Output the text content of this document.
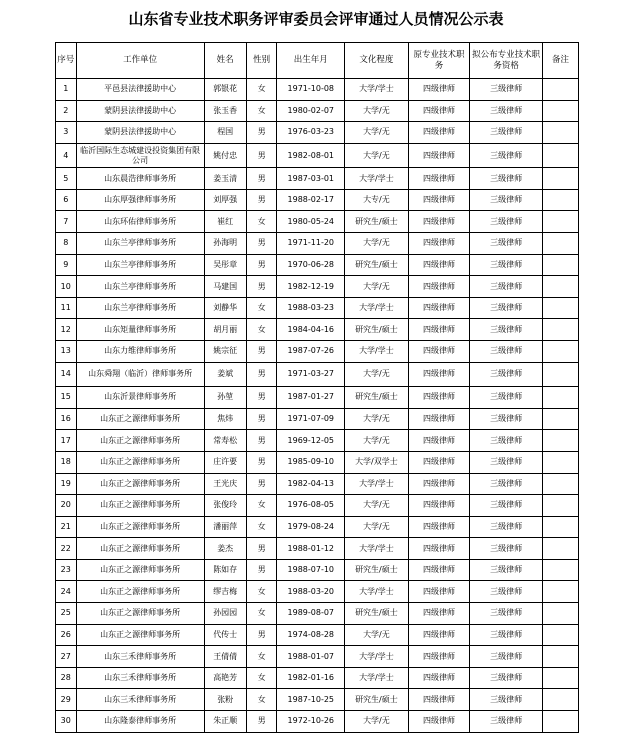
山东省专业技术职务评审委员会评审通过人员情况公示表
序号	工作单位	姓名	性别	出生年月	文化程度	原专业技术职务	拟公布专业技术职务资格	备注
1	平邑县法律援助中心	郭银花	女	1971-10-08	大学/学士	四级律师	三级律师	
2	蒙阴县法律援助中心	张玉香	女	1980-02-07	大学/无	四级律师	三级律师	
3	蒙阴县法律援助中心	程国	男	1976-03-23	大学/无	四级律师	三级律师	
4	临沂国际生态城建设投资集团有限公司	姚付忠	男	1982-08-01	大学/无	四级律师	三级律师	
5	山东晨浩律师事务所	姜玉清	男	1987-03-01	大学/学士	四级律师	三级律师	
6	山东厚强律师事务所	刘厚强	男	1988-02-17	大专/无	四级律师	三级律师	
7	山东环佑律师事务所	崔红	女	1980-05-24	研究生/硕士	四级律师	三级律师	
8	山东兰亭律师事务所	孙海明	男	1971-11-20	大学/无	四级律师	三级律师	
9	山东兰亭律师事务所	吴彤章	男	1970-06-28	研究生/硕士	四级律师	三级律师	
10	山东兰亭律师事务所	马建国	男	1982-12-19	大学/无	四级律师	三级律师	
11	山东兰亭律师事务所	刘静华	女	1988-03-23	大学/学士	四级律师	三级律师	
12	山东矩量律师事务所	胡月丽	女	1984-04-16	研究生/硕士	四级律师	三级律师	
13	山东力维律师事务所	姚宗征	男	1987-07-26	大学/学士	四级律师	三级律师	
14	山东舜翔（临沂）律师事务所	姜斌	男	1971-03-27	大学/无	四级律师	三级律师	
15	山东沂景律师事务所	孙堃	男	1987-01-27	研究生/硕士	四级律师	三级律师	
16	山东正之源律师事务所	焦炜	男	1971-07-09	大学/无	四级律师	三级律师	
17	山东正之源律师事务所	常寿松	男	1969-12-05	大学/无	四级律师	三级律师	
18	山东正之源律师事务所	庄许要	男	1985-09-10	大学/双学士	四级律师	三级律师	
19	山东正之源律师事务所	王光庆	男	1982-04-13	大学/学士	四级律师	三级律师	
20	山东正之源律师事务所	张俊玲	女	1976-08-05	大学/无	四级律师	三级律师	
21	山东正之源律师事务所	潘丽萍	女	1979-08-24	大学/无	四级律师	三级律师	
22	山东正之源律师事务所	姜杰	男	1988-01-12	大学/学士	四级律师	三级律师	
23	山东正之源律师事务所	陈如存	男	1988-07-10	研究生/硕士	四级律师	三级律师	
24	山东正之源律师事务所	缪吉梅	女	1988-03-20	大学/学士	四级律师	三级律师	
25	山东正之源律师事务所	孙园园	女	1989-08-07	研究生/硕士	四级律师	三级律师	
26	山东正之源律师事务所	代传士	男	1974-08-28	大学/无	四级律师	三级律师	
27	山东三禾律师事务所	王倩倩	女	1988-01-07	大学/学士	四级律师	三级律师	
28	山东三禾律师事务所	高艳芳	女	1982-01-16	大学/学士	四级律师	三级律师	
29	山东三禾律师事务所	张粉	女	1987-10-25	研究生/硕士	四级律师	三级律师	
30	山东隆泰律师事务所	朱正顺	男	1972-10-26	大学/无	四级律师	三级律师	
